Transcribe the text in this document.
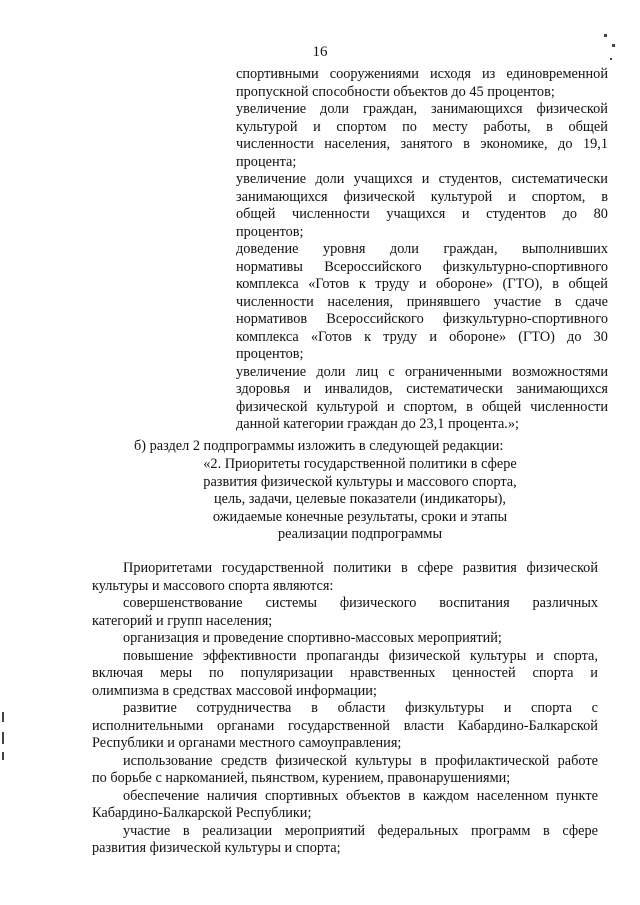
16
спортивными сооружениями исходя из единовременной
пропускной способности объектов до 45 процентов;
увеличение доли граждан, занимающихся физической
культурой и спортом по месту работы, в общей
численности населения, занятого в экономике, до 19,1
процента;
увеличение доли учащихся и студентов, систематически
занимающихся физической культурой и спортом, в
общей численности учащихся и студентов до 80
процентов;
доведение уровня доли граждан, выполнивших
нормативы Всероссийского физкультурно-спортивного
комплекса «Готов к труду и обороне» (ГТО), в общей
численности населения, принявшего участие в сдаче
нормативов Всероссийского физкультурно-спортивного
комплекса «Готов к труду и обороне» (ГТО) до 30
процентов;
увеличение доли лиц с ограниченными возможностями
здоровья и инвалидов, систематически занимающихся
физической культурой и спортом, в общей численности
данной категории граждан до 23,1 процента.»;
б) раздел 2 подпрограммы изложить в следующей редакции:
«2. Приоритеты государственной политики в сфере
развития физической культуры и массового спорта,
цель, задачи, целевые показатели (индикаторы),
ожидаемые конечные результаты, сроки и этапы
реализации подпрограммы
Приоритетами государственной политики в сфере развития физической
культуры и массового спорта являются:
совершенствование системы физического воспитания различных
категорий и групп населения;
организация и проведение спортивно-массовых мероприятий;
повышение эффективности пропаганды физической культуры и спорта,
включая меры по популяризации нравственных ценностей спорта и
олимпизма в средствах массовой информации;
развитие сотрудничества в области физкультуры и спорта с
исполнительными органами государственной власти Кабардино-Балкарской
Республики и органами местного самоуправления;
использование средств физической культуры в профилактической работе
по борьбе с наркоманией, пьянством, курением, правонарушениями;
обеспечение наличия спортивных объектов в каждом населенном пункте
Кабардино-Балкарской Республики;
участие в реализации мероприятий федеральных программ в сфере
развития физической культуры и спорта;
